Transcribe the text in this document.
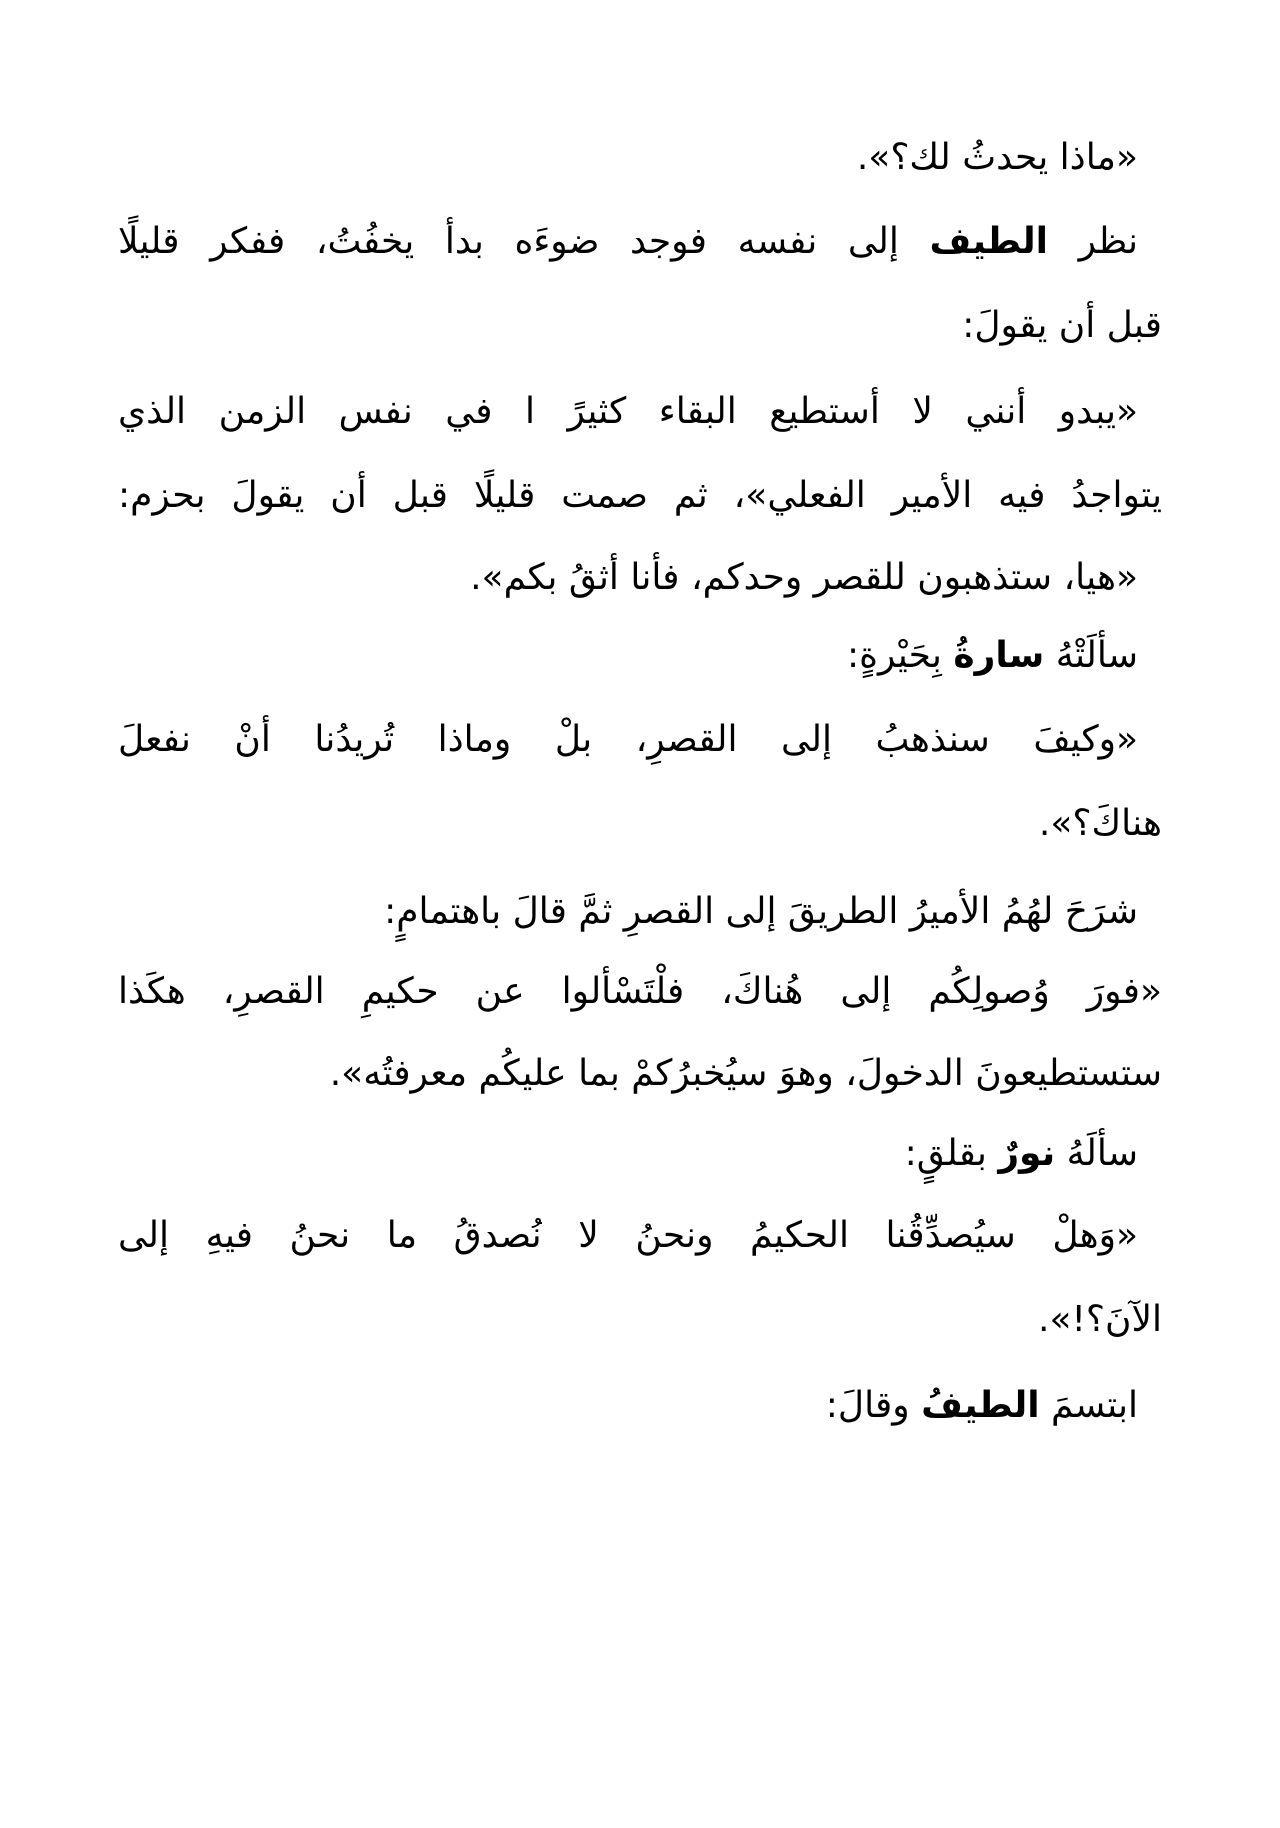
«ماذا يحدثُ لك؟».
نظر الطيف إلى نفسه فوجد ضوءَه بدأ يخفُتُ، ففكر قليلًا
قبل أن يقولَ:
«يبدو أنني لا أستطيع البقاء كثيرً ا في نفس الزمن الذي
يتواجدُ فيه الأمير الفعلي»، ثم صمت قليلًا قبل أن يقولَ بحزم:
«هيا، ستذهبون للقصر وحدكم، فأنا أثقُ بكم».
سألَتْهُ سارةُ بِحَيْرةٍ:
«وكيفَ سنذهبُ إلى القصرِ، بلْ وماذا تُريدُنا أنْ نفعلَ
هناكَ؟».
شرَحَ لهُمُ الأميرُ الطريقَ إلى القصرِ ثمَّ قالَ باهتمامٍ:
«فورَ وُصولِكُم إلى هُناكَ، فلْتَسْألوا عن حكيمِ القصرِ، هكَذا
ستستطيعونَ الدخولَ، وهوَ سيُخبرُكمْ بما عليكُم معرفتُه».
سألَهُ نورٌ بقلقٍ:
«وَهلْ سيُصدِّقُنا الحكيمُ ونحنُ لا نُصدقُ ما نحنُ فيهِ إلى
الآنَ؟!».
ابتسمَ الطيفُ وقالَ:
